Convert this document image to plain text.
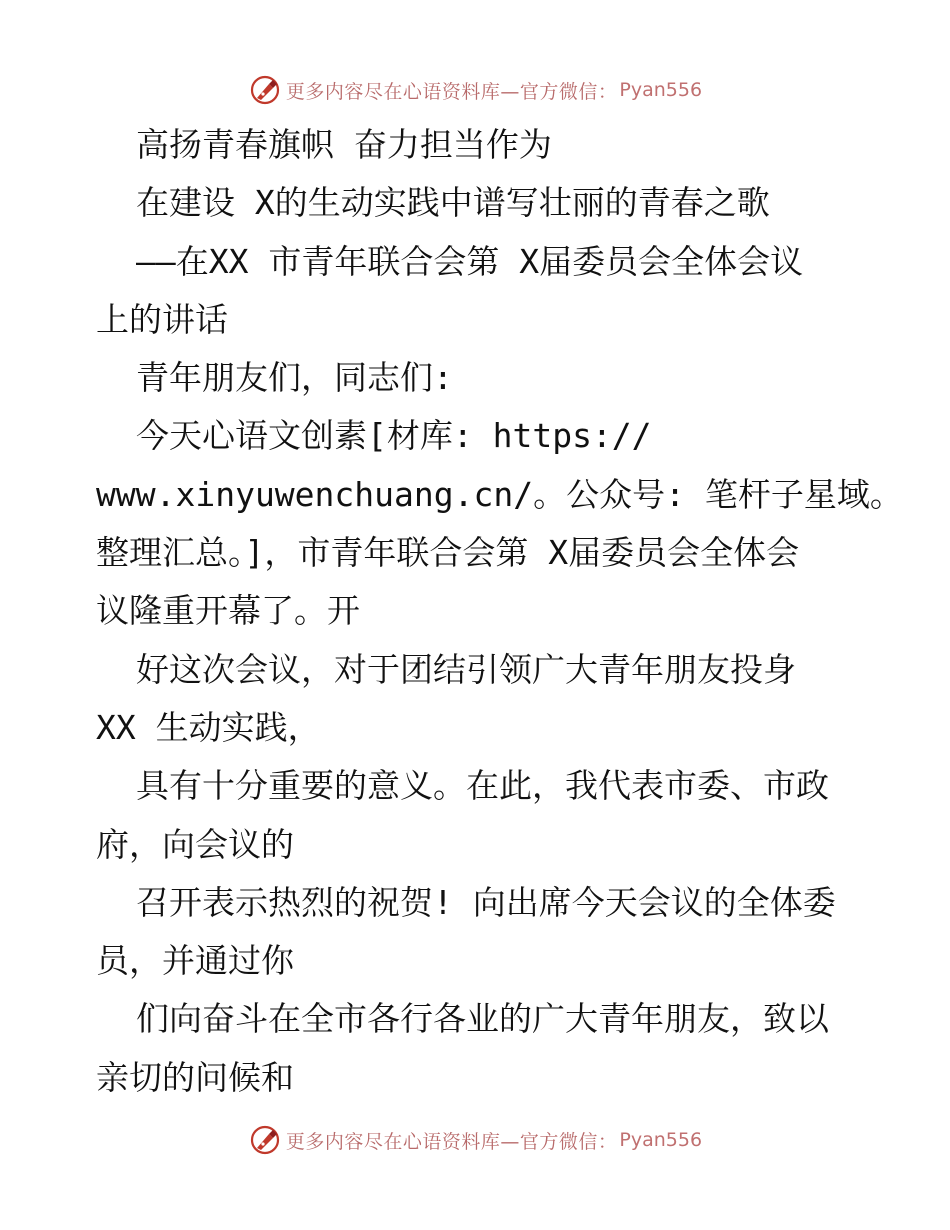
更多内容尽在心语资料库—官方微信： Pyan556
高扬青春旗帜 奋力担当作为
在建设 X的生动实践中谱写壮丽的青春之歌
——在XX 市青年联合会第 X届委员会全体会议
上的讲话
青年朋友们，同志们:
今天心语文创素[材库: https://
www.xinyuwenchuang.cn/。公众号: 笔杆子星域。
整理汇总。]，市青年联合会第 X届委员会全体会
议隆重开幕了。开
好这次会议，对于团结引领广大青年朋友投身
XX 生动实践，
具有十分重要的意义。在此，我代表市委、市政
府，向会议的
召开表示热烈的祝贺! 向出席今天会议的全体委
员，并通过你
们向奋斗在全市各行各业的广大青年朋友，致以
亲切的问候和
更多内容尽在心语资料库—官方微信： Pyan556
